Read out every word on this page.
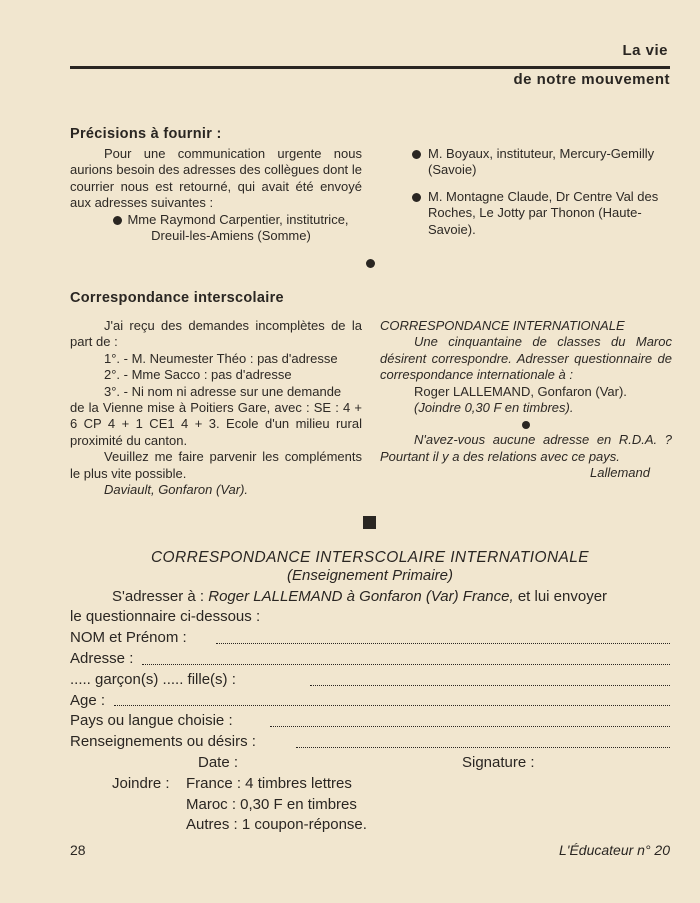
La vie
de notre mouvement
Précisions à fournir :

Pour une communication urgente nous aurions besoin des adresses des collègues dont le courrier nous est retourné, qui avait été envoyé aux adresses suivantes :

Mme Raymond Carpentier, institutrice, Dreuil-les-Amiens (Somme)
M. Boyaux, instituteur, Mercury-Gemilly (Savoie)
M. Montagne Claude, Dr Centre Val des Roches, Le Jotty par Thonon (Haute-Savoie).
Correspondance interscolaire

J'ai reçu des demandes incomplètes de la part de :

1°. - M. Neumester Théo : pas d'adresse

2°. - Mme Sacco : pas d'adresse

3°. - Ni nom ni adresse sur une demande

de la Vienne mise à Poitiers Gare, avec : SE : 4 + 6 CP 4 + 1 CE1 4 + 3. Ecole d'un milieu rural proximité du canton.

Veuillez me faire parvenir les compléments le plus vite possible.

Daviault, Gonfaron (Var).

CORRESPONDANCE INTERNATIONALE

Une cinquantaine de classes du Maroc désirent correspondre. Adresser questionnaire de correspondance internationale à :

Roger LALLEMAND, Gonfaron (Var).

(Joindre 0,30 F en timbres).

N'avez-vous aucune adresse en R.D.A. ? Pourtant il y a des relations avec ce pays.

Lallemand

CORRESPONDANCE INTERSCOLAIRE INTERNATIONALE
(Enseignement Primaire)
S'adresser à : Roger LALLEMAND à Gonfaron (Var) France, et lui envoyer
le questionnaire ci-dessous :
NOM et Prénom :
Adresse :
..... garçon(s) ..... fille(s) :
Age :
Pays ou langue choisie :
Renseignements ou désirs :
Date :	Signature :
Joindre : France : 4 timbres lettres
Maroc : 0,30 F en timbres
Autres : 1 coupon-réponse.
28	L'Éducateur n° 20
